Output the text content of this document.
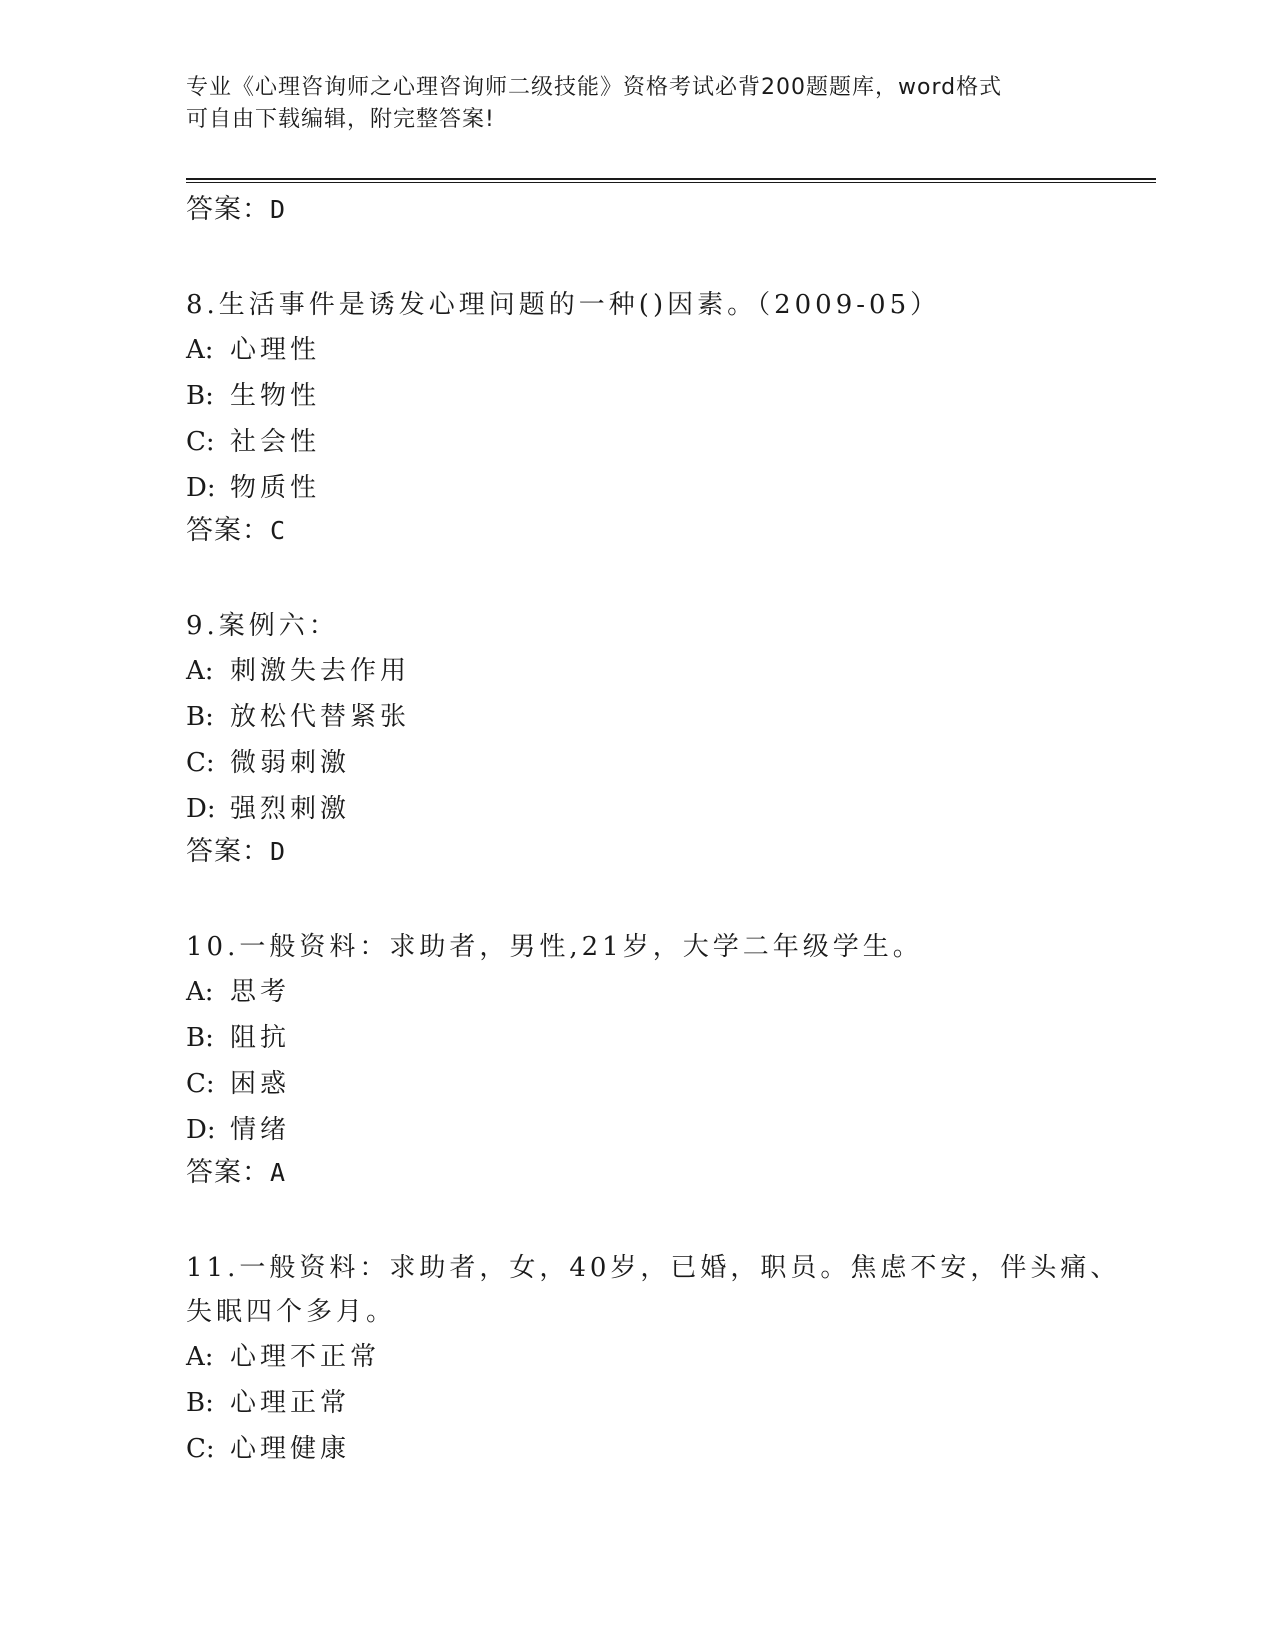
专业《心理咨询师之心理咨询师二级技能》资格考试必背200题题库，word格式
可自由下载编辑，附完整答案!
答案：D
8.生活事件是诱发心理问题的一种()因素。（2009-05）
A: 心理性
B: 生物性
C: 社会性
D: 物质性
答案：C
9.案例六：
A: 刺激失去作用
B: 放松代替紧张
C: 微弱刺激
D: 强烈刺激
答案：D
10.一般资料：求助者，男性,21岁，大学二年级学生。
A: 思考
B: 阻抗
C: 困惑
D: 情绪
答案：A
11.一般资料：求助者，女，40岁，已婚，职员。焦虑不安，伴头痛、
失眠四个多月。
A: 心理不正常
B: 心理正常
C: 心理健康
